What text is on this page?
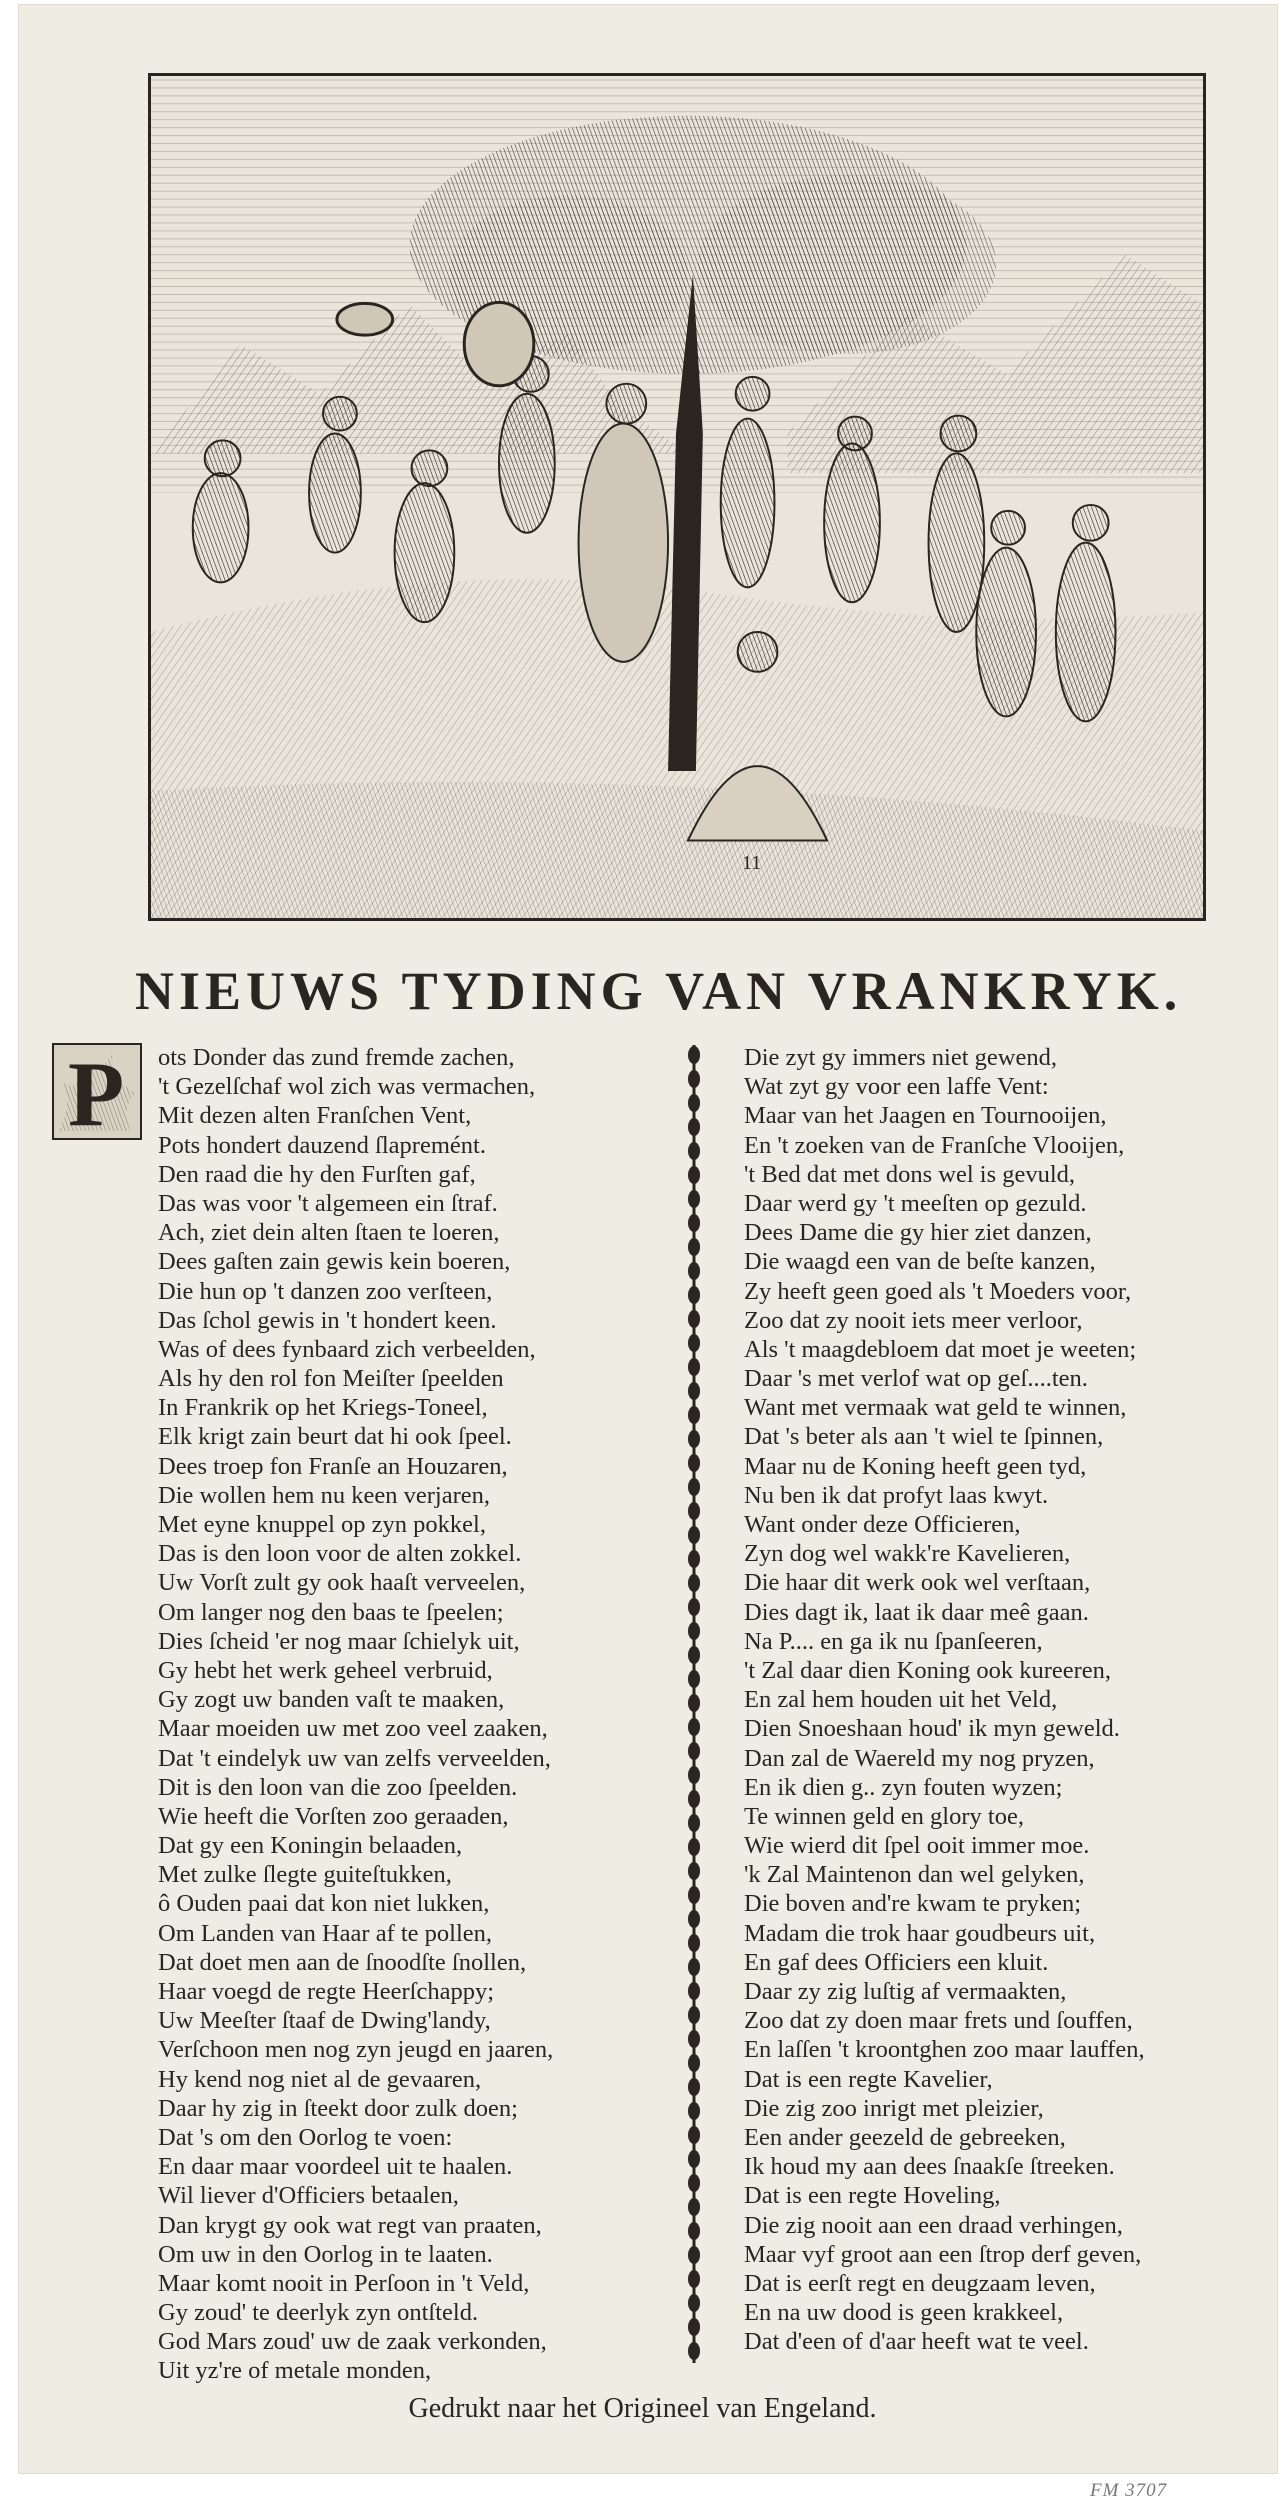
11
NIEUWS TYDING VAN VRANKRYK.
P	ots Donder das zund fremde zachen,
't Gezelſchaf wol zich was vermachen,
Mit dezen alten Franſchen Vent,
Pots hondert dauzend ſlapremént.
Den raad die hy den Furſten gaf,
Das was voor 't algemeen ein ſtraf.
Ach, ziet dein alten ſtaen te loeren,
Dees gaſten zain gewis kein boeren,
Die hun op 't danzen zoo verſteen,
Das ſchol gewis in 't hondert keen.
Was of dees fynbaard zich verbeelden,
Als hy den rol fon Meiſter ſpeelden
In Frankrik op het Kriegs-Toneel,
Elk krigt zain beurt dat hi ook ſpeel.
Dees troep fon Franſe an Houzaren,
Die wollen hem nu keen verjaren,
Met eyne knuppel op zyn pokkel,
Das is den loon voor de alten zokkel.
Uw Vorſt zult gy ook haaſt verveelen,
Om langer nog den baas te ſpeelen;
Dies ſcheid 'er nog maar ſchielyk uit,
Gy hebt het werk geheel verbruid,
Gy zogt uw banden vaſt te maaken,
Maar moeiden uw met zoo veel zaaken,
Dat 't eindelyk uw van zelfs verveelden,
Dit is den loon van die zoo ſpeelden.
Wie heeft die Vorſten zoo geraaden,
Dat gy een Koningin belaaden,
Met zulke ſlegte guiteſtukken,
ô Ouden paai dat kon niet lukken,
Om Landen van Haar af te pollen,
Dat doet men aan de ſnoodſte ſnollen,
Haar voegd de regte Heerſchappy;
Uw Meeſter ſtaaf de Dwing'landy,
Verſchoon men nog zyn jeugd en jaaren,
Hy kend nog niet al de gevaaren,
Daar hy zig in ſteekt door zulk doen;
Dat 's om den Oorlog te voen:
En daar maar voordeel uit te haalen.
Wil liever d'Officiers betaalen,
Dan krygt gy ook wat regt van praaten,
Om uw in den Oorlog in te laaten.
Maar komt nooit in Perſoon in 't Veld,
Gy zoud' te deerlyk zyn ontſteld.
God Mars zoud' uw de zaak verkonden,
Uit yz're of metale monden,
Die zyt gy immers niet gewend,
Wat zyt gy voor een laffe Vent:
Maar van het Jaagen en Tournooijen,
En 't zoeken van de Franſche Vlooijen,
't Bed dat met dons wel is gevuld,
Daar werd gy 't meeſten op gezuld.
Dees Dame die gy hier ziet danzen,
Die waagd een van de beſte kanzen,
Zy heeft geen goed als 't Moeders voor,
Zoo dat zy nooit iets meer verloor,
Als 't maagdebloem dat moet je weeten;
Daar 's met verlof wat op geſ....ten.
Want met vermaak wat geld te winnen,
Dat 's beter als aan 't wiel te ſpinnen,
Maar nu de Koning heeft geen tyd,
Nu ben ik dat profyt laas kwyt.
Want onder deze Officieren,
Zyn dog wel wakk're Kavelieren,
Die haar dit werk ook wel verſtaan,
Dies dagt ik, laat ik daar meê gaan.
Na P.... en ga ik nu ſpanſeeren,
't Zal daar dien Koning ook kureeren,
En zal hem houden uit het Veld,
Dien Snoeshaan houd' ik myn geweld.
Dan zal de Waereld my nog pryzen,
En ik dien g.. zyn fouten wyzen;
Te winnen geld en glory toe,
Wie wierd dit ſpel ooit immer moe.
'k Zal Maintenon dan wel gelyken,
Die boven and're kwam te pryken;
Madam die trok haar goudbeurs uit,
En gaf dees Officiers een kluit.
Daar zy zig luſtig af vermaakten,
Zoo dat zy doen maar frets und ſouffen,
En laſſen 't kroontghen zoo maar lauffen,
Dat is een regte Kavelier,
Die zig zoo inrigt met pleizier,
Een ander geezeld de gebreeken,
Ik houd my aan dees ſnaakſe ſtreeken.
Dat is een regte Hoveling,
Die zig nooit aan een draad verhingen,
Maar vyf groot aan een ſtrop derf geven,
Dat is eerſt regt en deugzaam leven,
En na uw dood is geen krakkeel,
Dat d'een of d'aar heeft wat te veel.
Gedrukt naar het Origineel van Engeland.
FM 3707
